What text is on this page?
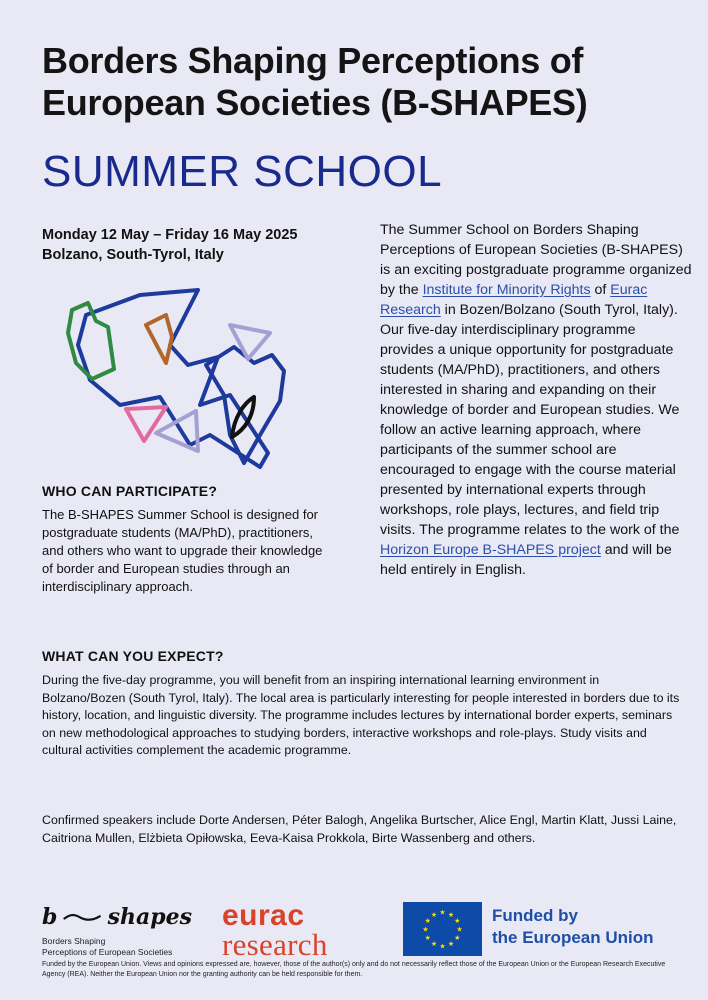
Borders Shaping Perceptions of European Societies (B-SHAPES)
SUMMER SCHOOL
Monday 12 May – Friday 16 May 2025
Bolzano, South-Tyrol, Italy
The Summer School on Borders Shaping Perceptions of European Societies (B-SHAPES) is an exciting postgraduate programme organized by the Institute for Minority Rights of Eurac Research in Bozen/Bolzano (South Tyrol, Italy). Our five-day interdisciplinary programme provides a unique opportunity for postgraduate students (MA/PhD), practitioners, and others interested in sharing and expanding on their knowledge of border and European studies. We follow an active learning approach, where participants of the summer school are encouraged to engage with the course material presented by international experts through workshops, role plays, lectures, and field trip visits. The programme relates to the work of the Horizon Europe B-SHAPES project and will be held entirely in English.
WHO CAN PARTICIPATE?
The B-SHAPES Summer School is designed for postgraduate students (MA/PhD), practitioners, and others who want to upgrade their knowledge of border and European studies through an interdisciplinary approach.
WHAT CAN YOU EXPECT?
During the five-day programme, you will benefit from an inspiring international learning environment in Bolzano/Bozen (South Tyrol, Italy). The local area is particularly interesting for people interested in borders due to its history, location, and linguistic diversity. The programme includes lectures by international border experts, seminars on new methodological approaches to studying borders, interactive workshops and role-plays. Study visits and cultural activities complement the academic programme.
Confirmed speakers include Dorte Andersen, Péter Balogh, Angelika Burtscher, Alice Engl, Martin Klatt, Jussi Laine, Caitriona Mullen, Elżbieta Opiłowska, Eeva-Kaisa Prokkola, Birte Wassenberg and others.
b shapes
Borders Shaping
Perceptions of European Societies
eurac
research
★ ★
★
★
★
★
★
★
★
★
★
★	Funded by
the European Union
Funded by the European Union. Views and opinions expressed are, however, those of the author(s) only and do not necessarily reflect those of the European Union or the European Research Executive Agency (REA). Neither the European Union nor the granting authority can be held responsible for them.
